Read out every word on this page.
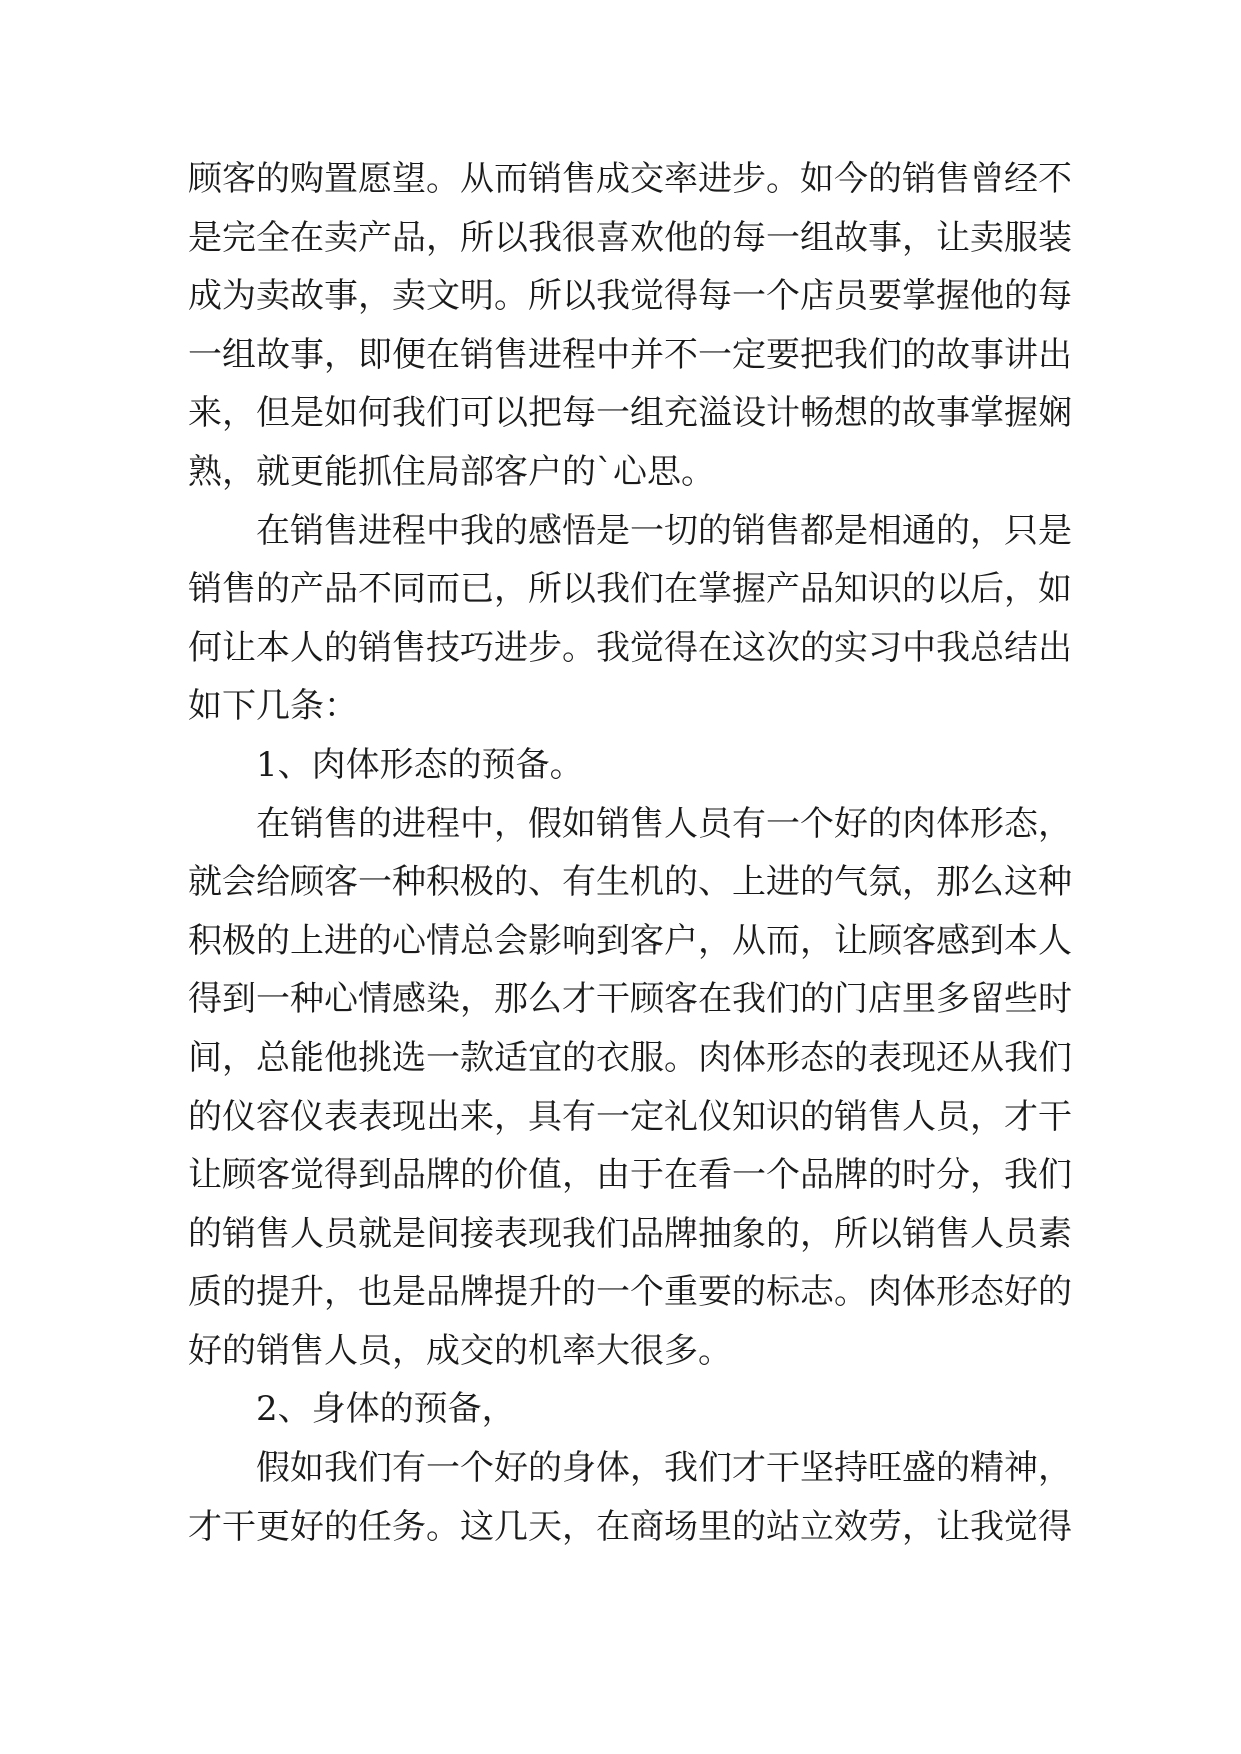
顾客的购置愿望。从而销售成交率进步。如今的销售曾经不
是完全在卖产品，所以我很喜欢他的每一组故事，让卖服装
成为卖故事，卖文明。所以我觉得每一个店员要掌握他的每
一组故事，即便在销售进程中并不一定要把我们的故事讲出
来，但是如何我们可以把每一组充溢设计畅想的故事掌握娴
熟，就更能抓住局部客户的`心思。
在销售进程中我的感悟是一切的销售都是相通的，只是
销售的产品不同而已，所以我们在掌握产品知识的以后，如
何让本人的销售技巧进步。我觉得在这次的实习中我总结出
如下几条：
1、肉体形态的预备。
在销售的进程中，假如销售人员有一个好的肉体形态，
就会给顾客一种积极的、有生机的、上进的气氛，那么这种
积极的上进的心情总会影响到客户，从而，让顾客感到本人
得到一种心情感染，那么才干顾客在我们的门店里多留些时
间，总能他挑选一款适宜的衣服。肉体形态的表现还从我们
的仪容仪表表现出来，具有一定礼仪知识的销售人员，才干
让顾客觉得到品牌的价值，由于在看一个品牌的时分，我们
的销售人员就是间接表现我们品牌抽象的，所以销售人员素
质的提升，也是品牌提升的一个重要的标志。肉体形态好的
好的销售人员，成交的机率大很多。
2、身体的预备，
假如我们有一个好的身体，我们才干坚持旺盛的精神，
才干更好的任务。这几天，在商场里的站立效劳，让我觉得
